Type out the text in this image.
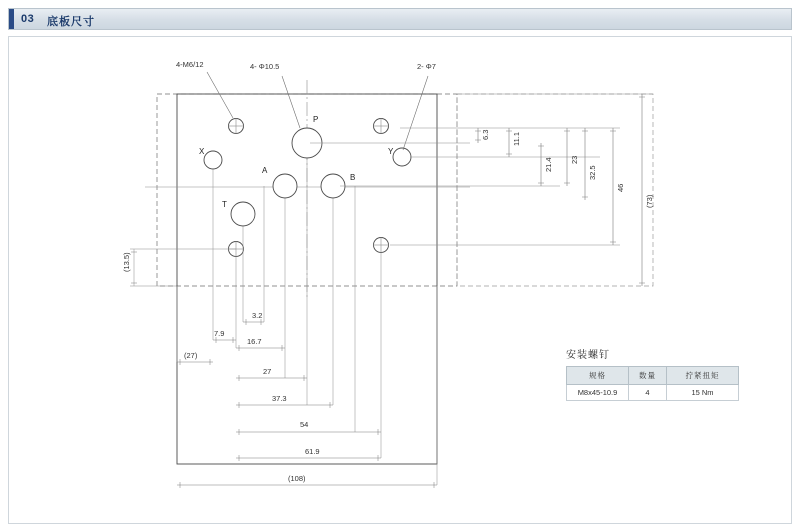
03 底板尺寸
4-M6/12	4- Φ10.5	2- Φ7
P
X	Y
A
B
T
6.3	11.1
21.4 23
32.5
46
(73)
(13.5)
3.2
7.9
16.7
(27)
27
37.3
54
61.9
(108)
安装螺钉
规格	数量	拧紧扭矩
M8x45-10.9	4	15 Nm
